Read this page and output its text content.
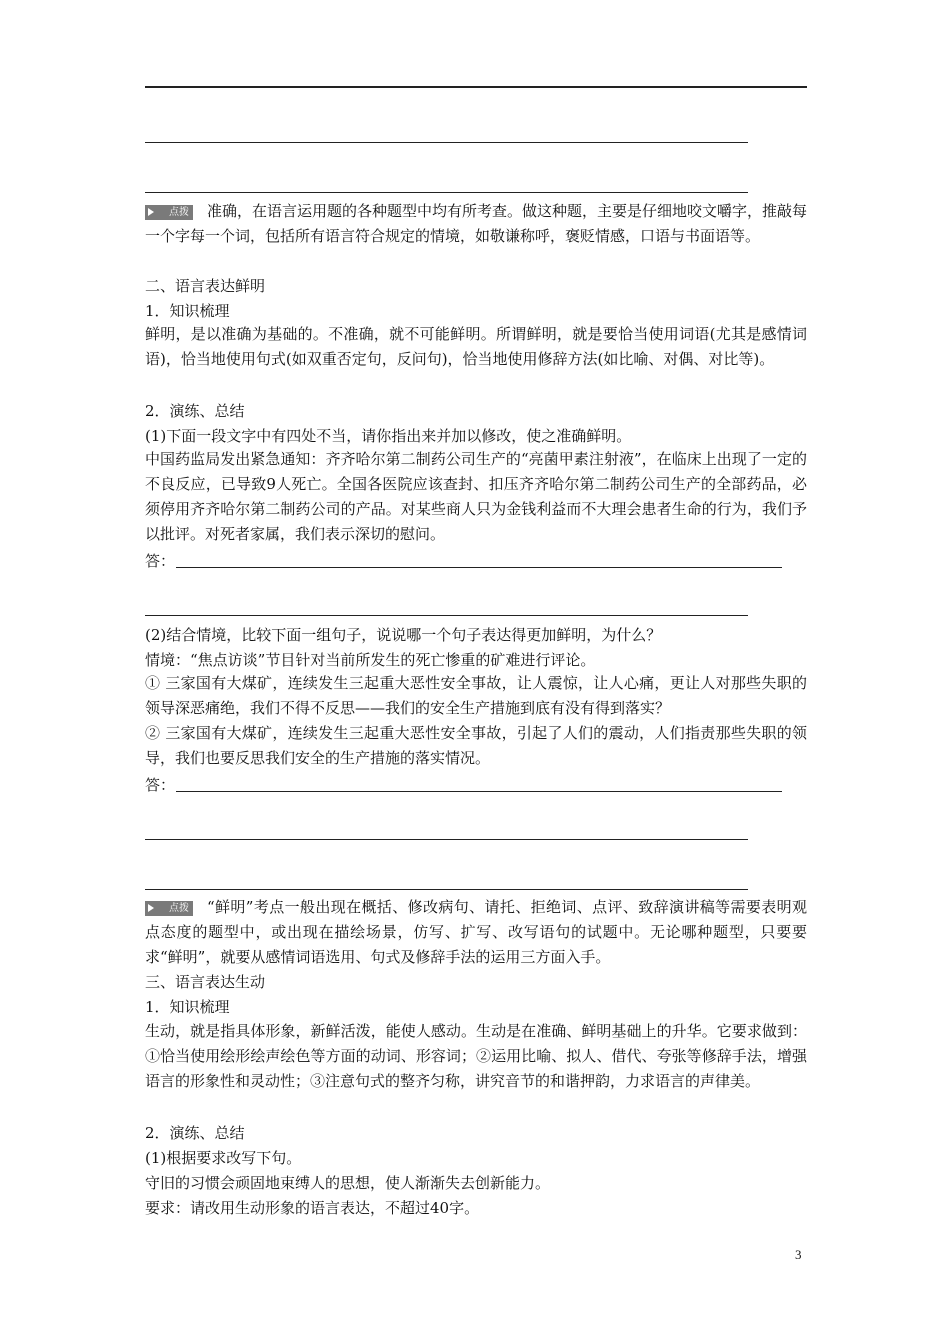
点拨 准确，在语言运用题的各种题型中均有所考查。做这种题，主要是仔细地咬文嚼字，推敲每一个字每一个词，包括所有语言符合规定的情境，如敬谦称呼，褒贬情感，口语与书面语等。
二、语言表达鲜明
1．知识梳理
鲜明，是以准确为基础的。不准确，就不可能鲜明。所谓鲜明，就是要恰当使用词语(尤其是感情词语)，恰当地使用句式(如双重否定句，反问句)，恰当地使用修辞方法(如比喻、对偶、对比等)。
2．演练、总结
(1)下面一段文字中有四处不当，请你指出来并加以修改，使之准确鲜明。
中国药监局发出紧急通知：齐齐哈尔第二制药公司生产的“亮菌甲素注射液”，在临床上出现了一定的不良反应，已导致9人死亡。全国各医院应该查封、扣压齐齐哈尔第二制药公司生产的全部药品，必须停用齐齐哈尔第二制药公司的产品。对某些商人只为金钱利益而不大理会患者生命的行为，我们予以批评。对死者家属，我们表示深切的慰问。
答：
(2)结合情境，比较下面一组句子，说说哪一个句子表达得更加鲜明，为什么？
情境：“焦点访谈”节目针对当前所发生的死亡惨重的矿难进行评论。
① 三家国有大煤矿，连续发生三起重大恶性安全事故，让人震惊，让人心痛，更让人对那些失职的领导深恶痛绝，我们不得不反思——我们的安全生产措施到底有没有得到落实？
② 三家国有大煤矿，连续发生三起重大恶性安全事故，引起了人们的震动，人们指责那些失职的领导，我们也要反思我们安全的生产措施的落实情况。
答：
点拨 “鲜明”考点一般出现在概括、修改病句、请托、拒绝词、点评、致辞演讲稿等需要表明观点态度的题型中，或出现在描绘场景，仿写、扩写、改写语句的试题中。无论哪种题型，只要要求“鲜明”，就要从感情词语选用、句式及修辞手法的运用三方面入手。
三、语言表达生动
1．知识梳理
生动，就是指具体形象，新鲜活泼，能使人感动。生动是在准确、鲜明基础上的升华。它要求做到：①恰当使用绘形绘声绘色等方面的动词、形容词；②运用比喻、拟人、借代、夸张等修辞手法，增强语言的形象性和灵动性；③注意句式的整齐匀称，讲究音节的和谐押韵，力求语言的声律美。
2．演练、总结
(1)根据要求改写下句。
守旧的习惯会顽固地束缚人的思想，使人渐渐失去创新能力。
要求：请改用生动形象的语言表达，不超过40字。
3
